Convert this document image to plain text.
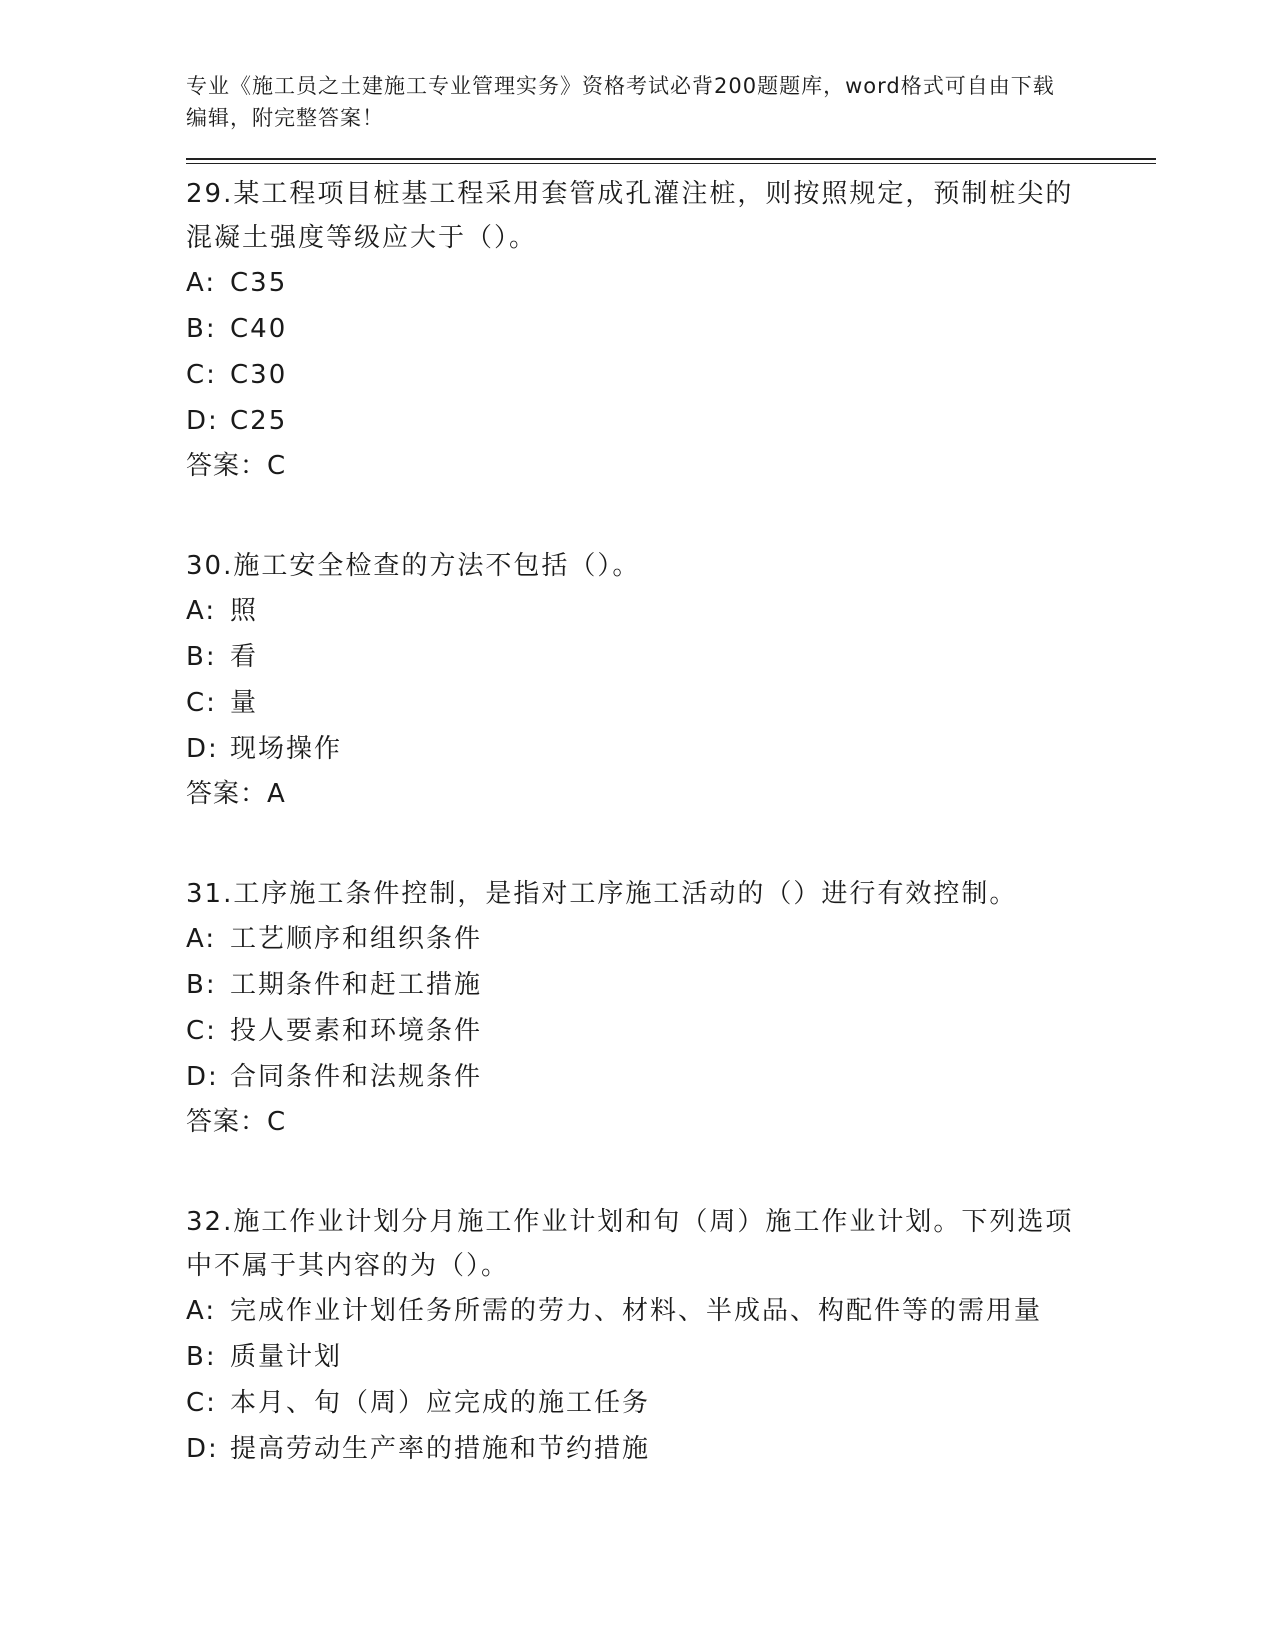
专业《施工员之土建施工专业管理实务》资格考试必背200题题库，word格式可自由下载编辑，附完整答案！
29.某工程项目桩基工程采用套管成孔灌注桩，则按照规定，预制桩尖的混凝土强度等级应大于（）。
A: C35
B: C40
C: C30
D: C25
答案：C
30.施工安全检查的方法不包括（）。
A: 照
B: 看
C: 量
D: 现场操作
答案：A
31.工序施工条件控制，是指对工序施工活动的（）进行有效控制。
A: 工艺顺序和组织条件
B: 工期条件和赶工措施
C: 投人要素和环境条件
D: 合同条件和法规条件
答案：C
32.施工作业计划分月施工作业计划和旬（周）施工作业计划。下列选项中不属于其内容的为（）。
A: 完成作业计划任务所需的劳力、材料、半成品、构配件等的需用量
B: 质量计划
C: 本月、旬（周）应完成的施工任务
D: 提高劳动生产率的措施和节约措施
